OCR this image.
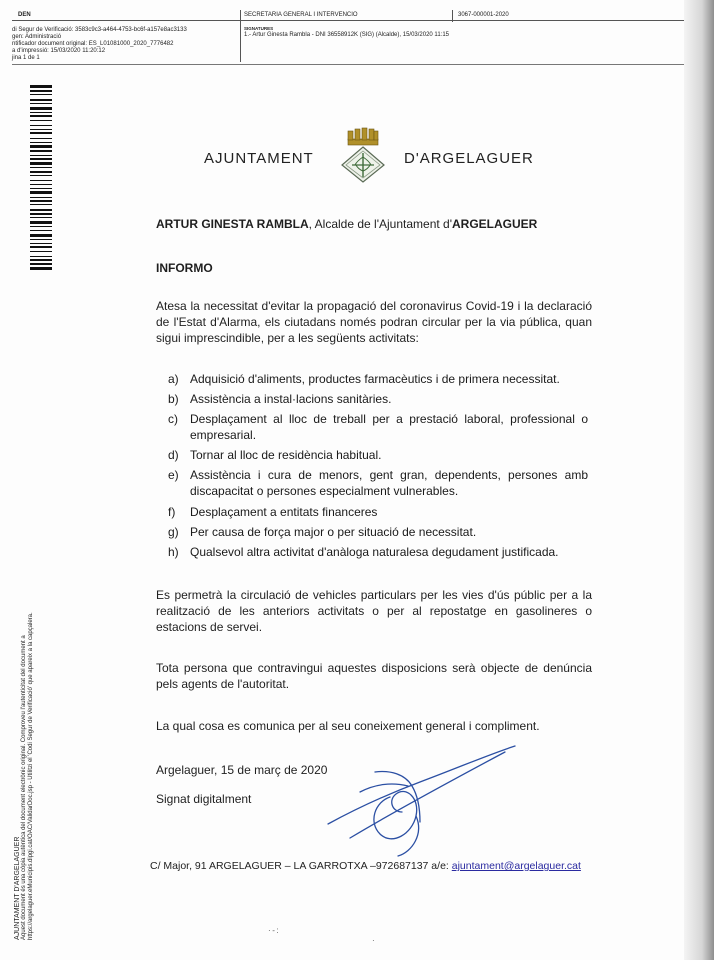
DEN	SECRETARIA GENERAL I INTERVENCIO	3067-000001-2020
di Segur de Verificació: 3583c9c3-a464-4753-bc6f-a157e8ac3133
gen: Administració
ntificador document original: ES_L01081000_2020_7776482
a d'impressió: 15/03/2020 11:20:12
jina 1 de 1
SIGNATURES
1.- Artur Ginesta Rambla - DNI 36558912K (SIG) (Alcalde), 15/03/2020 11:15
AJUNTAMENT D'ARGELAGUER Aquest document és una còpia autèntica del document electrònic original. Comproveu l'autenticitat del document a https://argelaguer.eMunicipis.dipgi.cat/OAC/ValidarDoc.jsp - Utilitzi el 'Codi Segur de Verificació' que apareix a la capçalera.
AJUNTAMENT	D'ARGELAGUER
ARTUR GINESTA RAMBLA, Alcalde de l'Ajuntament d'ARGELAGUER
INFORMO
Atesa la necessitat d'evitar la propagació del coronavirus Covid-19 i la declaració de l'Estat d'Alarma, els ciutadans només podran circular per la via pública, quan sigui imprescindible, per a les següents activitats:
a) Adquisició d'aliments, productes farmacèutics i de primera necessitat.
b) Assistència a instal·lacions sanitàries.
c) Desplaçament al lloc de treball per a prestació laboral, professional o empresarial.
d) Tornar al lloc de residència habitual.
e) Assistència i cura de menors, gent gran, dependents, persones amb discapacitat o persones especialment vulnerables.
f) Desplaçament a entitats financeres
g) Per causa de força major o per situació de necessitat.
h) Qualsevol altra activitat d'anàloga naturalesa degudament justificada.
Es permetrà la circulació de vehicles particulars per les vies d'ús públic per a la realització de les anteriors activitats o per al repostatge en gasolineres o estacions de servei.
Tota persona que contravingui aquestes disposicions serà objecte de denúncia pels agents de l'autoritat.
La qual cosa es comunica per al seu coneixement general i compliment.
Argelaguer, 15 de març de 2020
Signat digitalment
C/ Major, 91 ARGELAGUER – LA GARROTXA –972687137 a/e: ajuntament@argelaguer.cat
· - :
·
